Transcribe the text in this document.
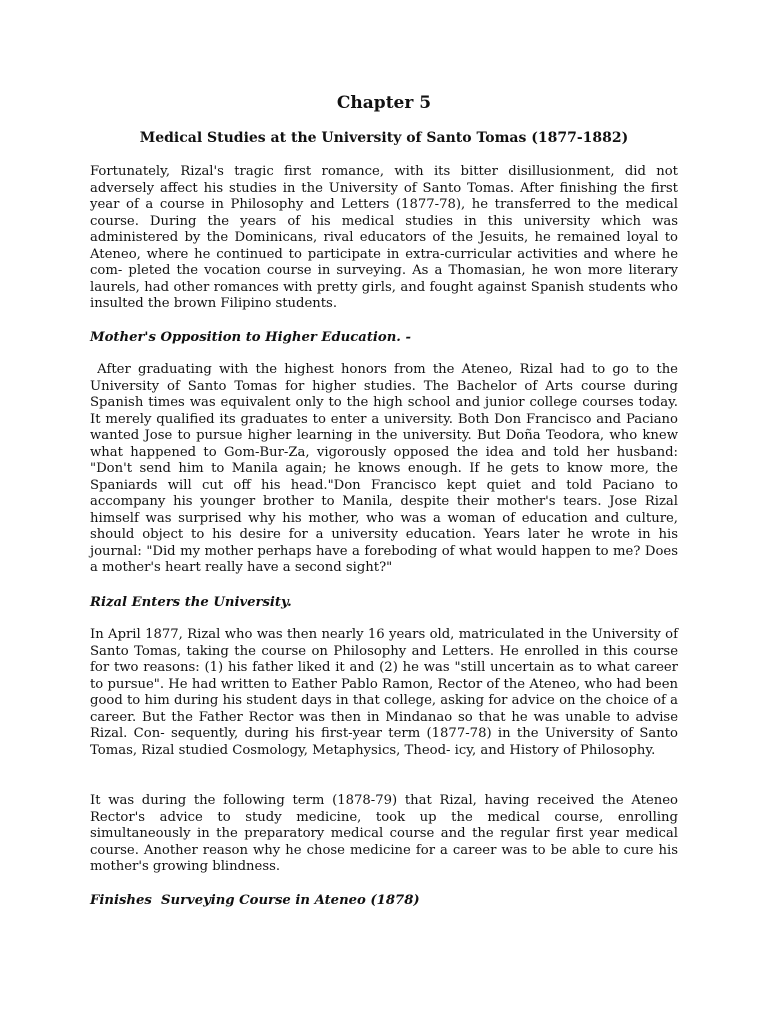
Chapter 5
Medical Studies at the University of Santo Tomas (1877-1882)

Fortunately, Rizal's tragic first romance, with its bitter disillusionment, did not adversely affect his studies in the University of Santo Tomas. After finishing the first year of a course in Philosophy and Letters (1877-78), he transferred to the medical course. During the years of his medical studies in this university which was administered by the Dominicans, rival educators of the Jesuits, he remained loyal to Ateneo, where he continued to participate in extra-curricular activities and where he com- pleted the vocation course in surveying. As a Thomasian, he won more literary laurels, had other romances with pretty girls, and fought against Spanish students who insulted the brown Filipino students.

Mother's Opposition to Higher Education. -

After graduating with the highest honors from the Ateneo, Rizal had to go to the University of Santo Tomas for higher studies. The Bachelor of Arts course during Spanish times was equivalent only to the high school and junior college courses today. It merely qualified its graduates to enter a university. Both Don Francisco and Paciano wanted Jose to pursue higher learning in the university. But Doña Teodora, who knew what happened to Gom-Bur-Za, vigorously opposed the idea and told her husband: "Don't send him to Manila again; he knows enough. If he gets to know more, the Spaniards will cut off his head."Don Francisco kept quiet and told Paciano to accompany his younger brother to Manila, despite their mother's tears. Jose Rizal himself was surprised why his mother, who was a woman of education and culture, should object to his desire for a university education. Years later he wrote in his journal: "Did my mother perhaps have a foreboding of what would happen to me? Does a mother's heart really have a second sight?"

Rizal Enters the University.

In April 1877, Rizal who was then nearly 16 years old, matriculated in the University of Santo Tomas, taking the course on Philosophy and Letters. He enrolled in this course for two reasons: (1) his father liked it and (2) he was "still uncertain as to what career to pursue". He had written to Eather Pablo Ramon, Rector of the Ateneo, who had been good to him during his student days in that college, asking for advice on the choice of a career. But the Father Rector was then in Mindanao so that he was unable to advise Rizal. Con- sequently, during his first-year term (1877-78) in the University of Santo Tomas, Rizal studied Cosmology, Metaphysics, Theod- icy, and History of Philosophy.

It was during the following term (1878-79) that Rizal, having received the Ateneo Rector's advice to study medicine, took up the medical course, enrolling simultaneously in the preparatory medical course and the regular first year medical course. Another reason why he chose medicine for a career was to be able to cure his mother's growing blindness.

Finishes  Surveying Course in Ateneo (1878)
